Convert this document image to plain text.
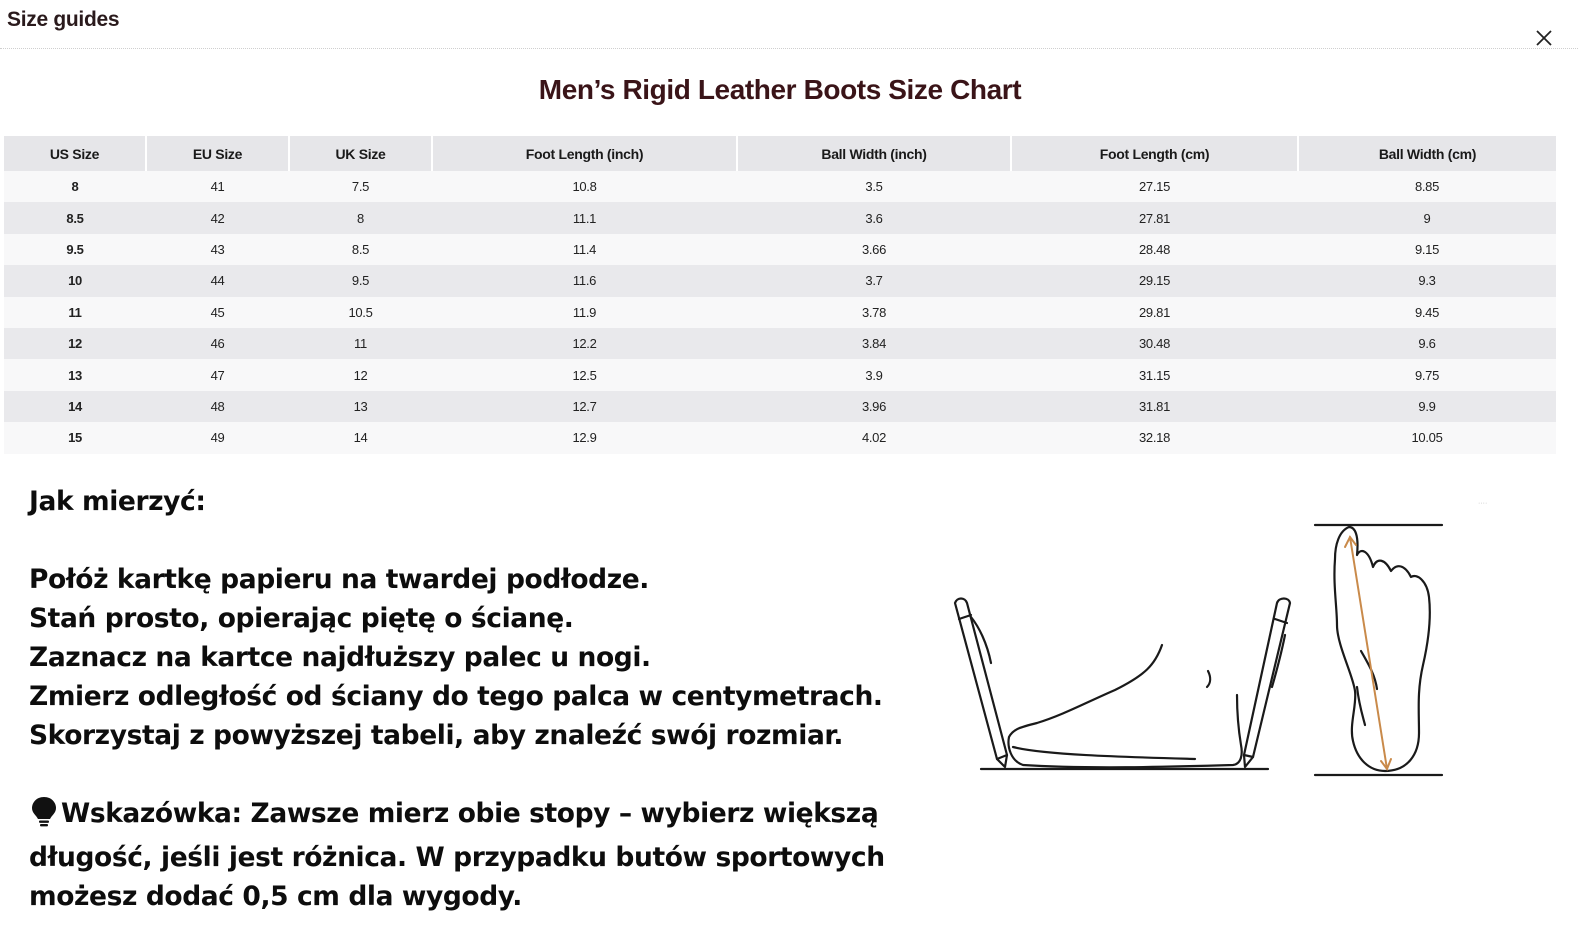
Size guides
Men’s Rigid Leather Boots Size Chart
US Size	EU Size	UK Size	Foot Length (inch)	Ball Width (inch)	Foot Length (cm)	Ball Width (cm)
8	41	7.5	10.8	3.5	27.15	8.85
8.5	42	8	11.1	3.6	27.81	9
9.5	43	8.5	11.4	3.66	28.48	9.15
10	44	9.5	11.6	3.7	29.15	9.3
11	45	10.5	11.9	3.78	29.81	9.45
12	46	11	12.2	3.84	30.48	9.6
13	47	12	12.5	3.9	31.15	9.75
14	48	13	12.7	3.96	31.81	9.9
15	49	14	12.9	4.02	32.18	10.05
Jak mierzyć:
Połóż kartkę papieru na twardej podłodze.
Stań prosto, opierając piętę o ścianę.
Zaznacz na kartce najdłuższy palec u nogi.
Zmierz odległość od ściany do tego palca w centymetrach.
Skorzystaj z powyższej tabeli, aby znaleźć swój rozmiar.
Wskazówka: Zawsze mierz obie stopy – wybierz większą długość, jeśli jest różnica. W przypadku butów sportowych możesz dodać 0,5 cm dla wygody.
····
